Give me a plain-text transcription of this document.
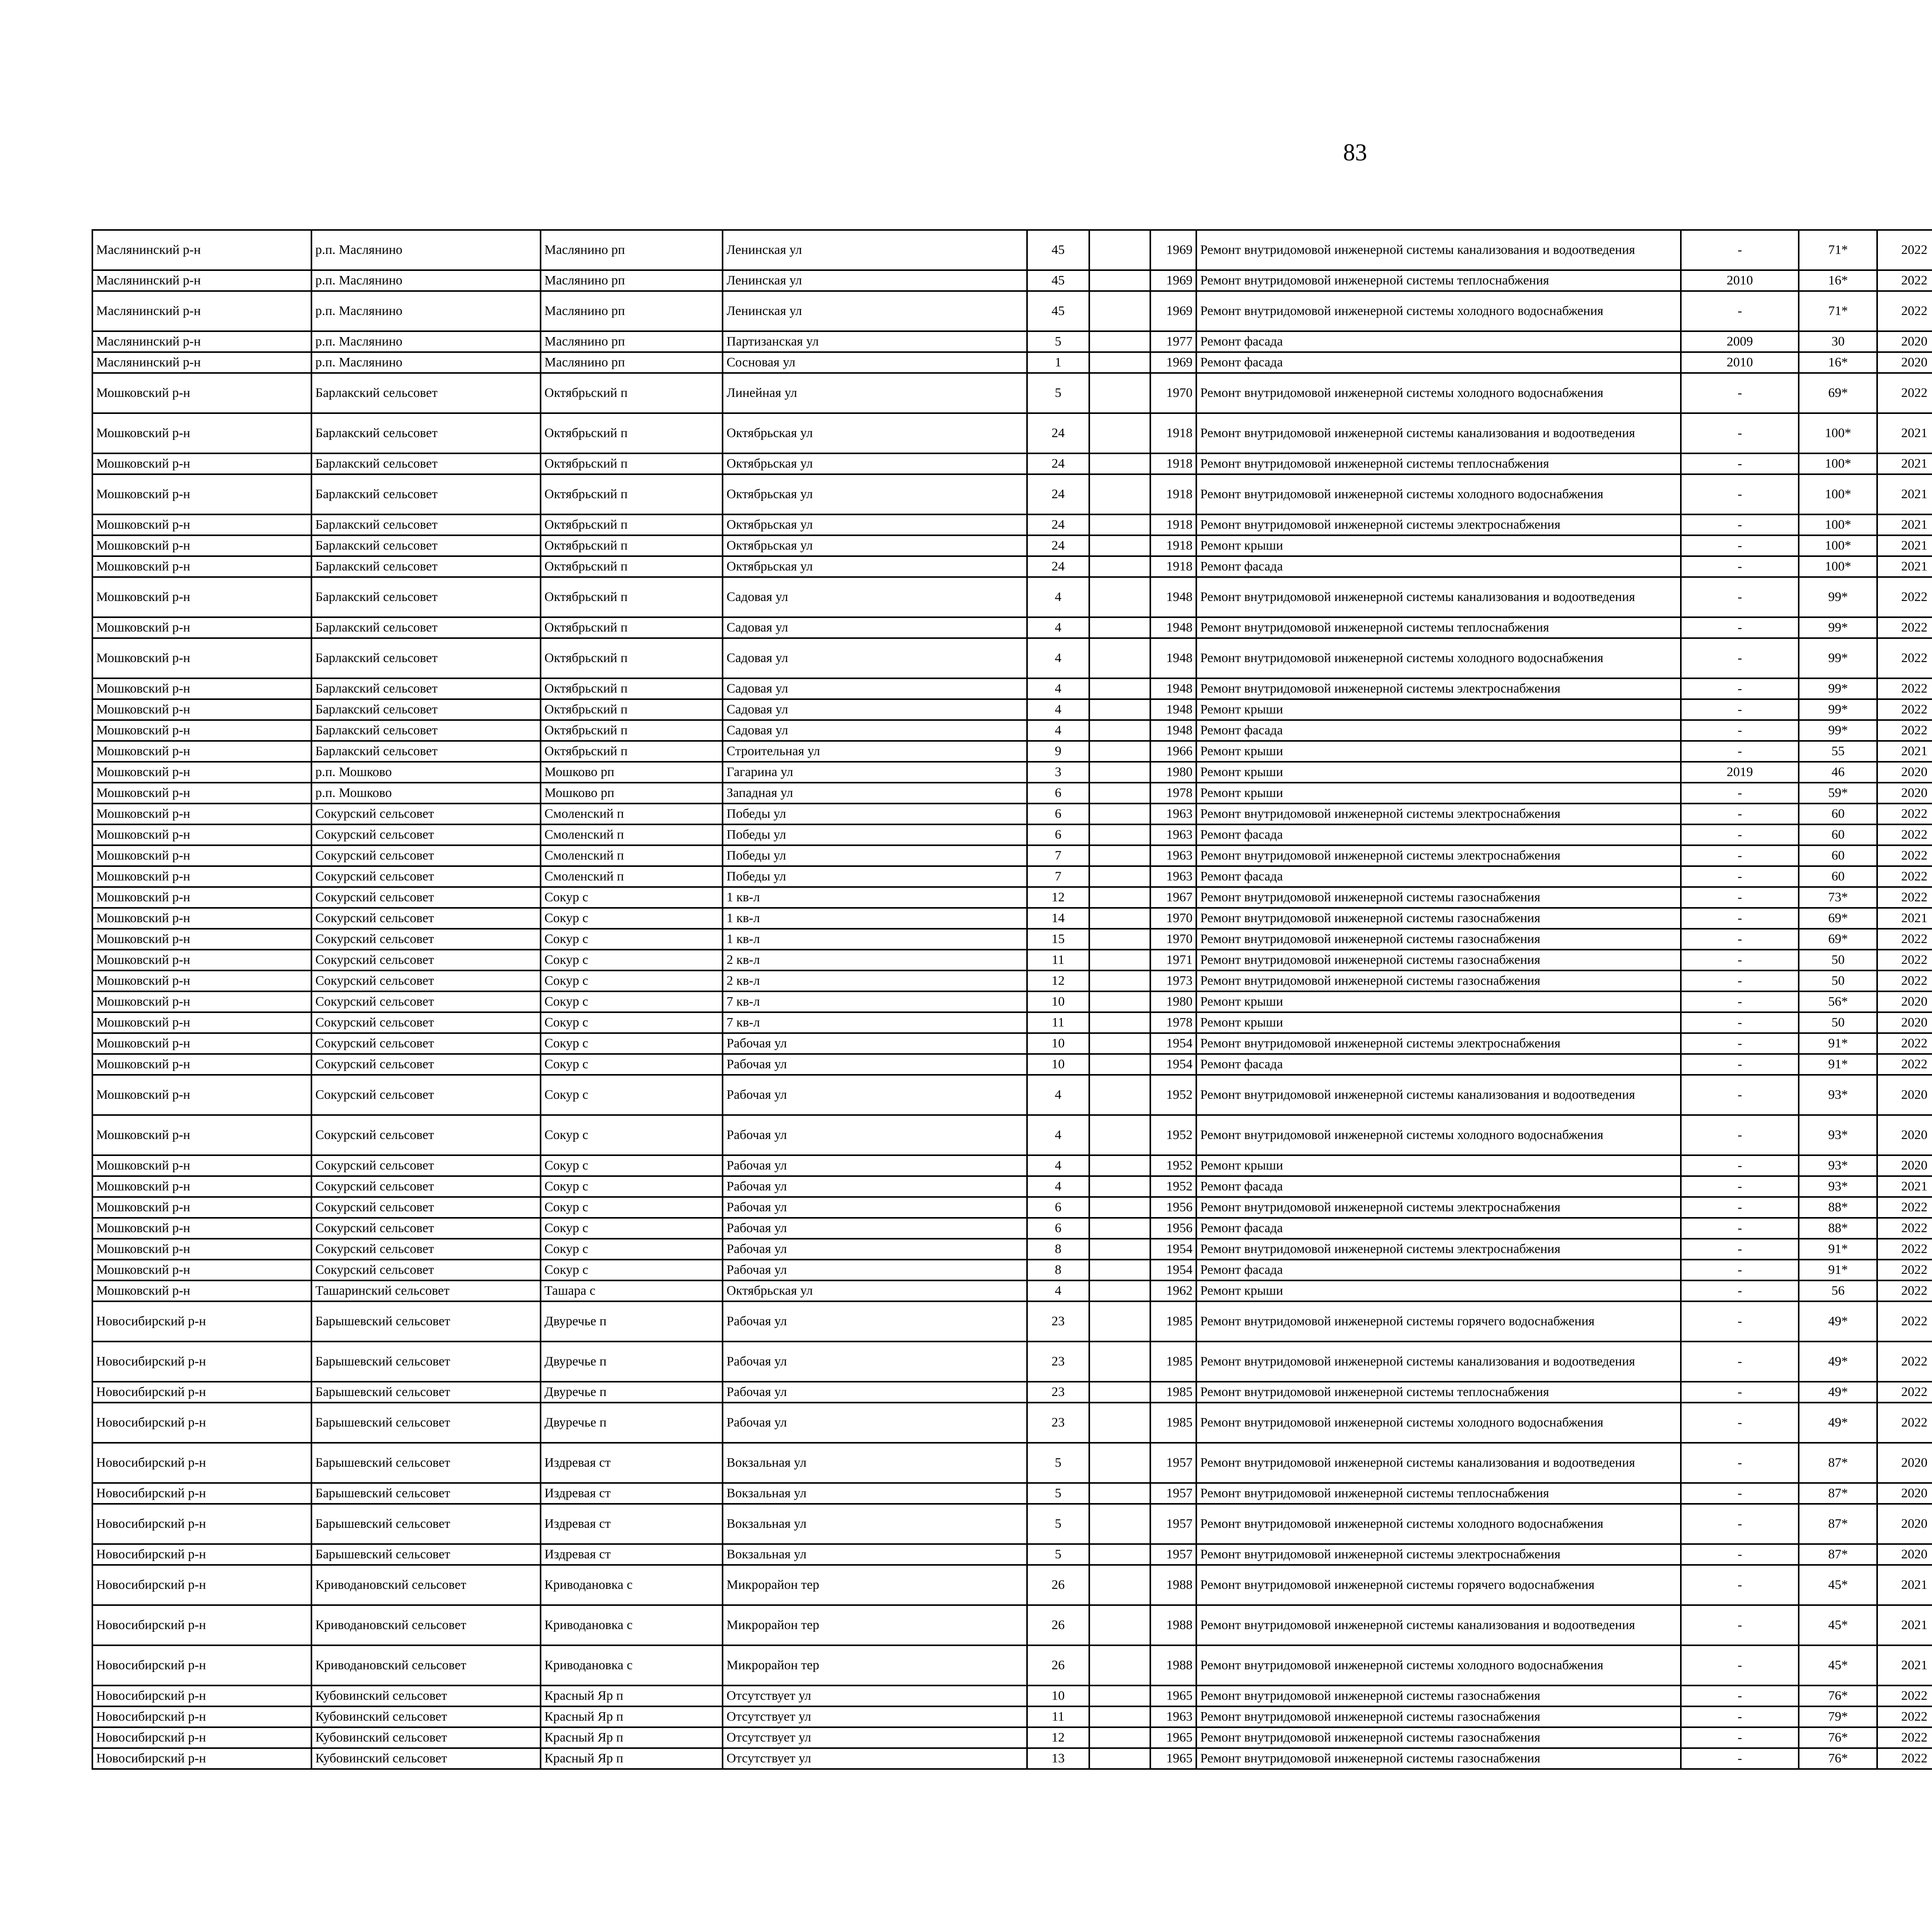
83
Маслянинский р-н	р.п. Маслянино	Маслянино рп	Ленинская ул	45		1969	Ремонт внутридомовой инженерной системы канализования и водоотведения	-	71*	2022							
Маслянинский р-н	р.п. Маслянино	Маслянино рп	Ленинская ул	45		1969	Ремонт внутридомовой инженерной системы теплоснабжения	2010	16*	2022							
Маслянинский р-н	р.п. Маслянино	Маслянино рп	Ленинская ул	45		1969	Ремонт внутридомовой инженерной системы холодного водоснабжения	-	71*	2022							
Маслянинский р-н	р.п. Маслянино	Маслянино рп	Партизанская ул	5		1977	Ремонт фасада	2009	30	2020							
Маслянинский р-н	р.п. Маслянино	Маслянино рп	Сосновая ул	1		1969	Ремонт фасада	2010	16*	2020							
Мошковский р-н	Барлакский сельсовет	Октябрьский п	Линейная ул	5		1970	Ремонт внутридомовой инженерной системы холодного водоснабжения	-	69*	2022							
Мошковский р-н	Барлакский сельсовет	Октябрьский п	Октябрьская ул	24		1918	Ремонт внутридомовой инженерной системы канализования и водоотведения	-	100*	2021							
Мошковский р-н	Барлакский сельсовет	Октябрьский п	Октябрьская ул	24		1918	Ремонт внутридомовой инженерной системы теплоснабжения	-	100*	2021							
Мошковский р-н	Барлакский сельсовет	Октябрьский п	Октябрьская ул	24		1918	Ремонт внутридомовой инженерной системы холодного водоснабжения	-	100*	2021							
Мошковский р-н	Барлакский сельсовет	Октябрьский п	Октябрьская ул	24		1918	Ремонт внутридомовой инженерной системы электроснабжения	-	100*	2021							
Мошковский р-н	Барлакский сельсовет	Октябрьский п	Октябрьская ул	24		1918	Ремонт крыши	-	100*	2021							
Мошковский р-н	Барлакский сельсовет	Октябрьский п	Октябрьская ул	24		1918	Ремонт фасада	-	100*	2021							
Мошковский р-н	Барлакский сельсовет	Октябрьский п	Садовая ул	4		1948	Ремонт внутридомовой инженерной системы канализования и водоотведения	-	99*	2022							
Мошковский р-н	Барлакский сельсовет	Октябрьский п	Садовая ул	4		1948	Ремонт внутридомовой инженерной системы теплоснабжения	-	99*	2022							
Мошковский р-н	Барлакский сельсовет	Октябрьский п	Садовая ул	4		1948	Ремонт внутридомовой инженерной системы холодного водоснабжения	-	99*	2022							
Мошковский р-н	Барлакский сельсовет	Октябрьский п	Садовая ул	4		1948	Ремонт внутридомовой инженерной системы электроснабжения	-	99*	2022							
Мошковский р-н	Барлакский сельсовет	Октябрьский п	Садовая ул	4		1948	Ремонт крыши	-	99*	2022							
Мошковский р-н	Барлакский сельсовет	Октябрьский п	Садовая ул	4		1948	Ремонт фасада	-	99*	2022							
Мошковский р-н	Барлакский сельсовет	Октябрьский п	Строительная ул	9		1966	Ремонт крыши	-	55	2021							
Мошковский р-н	р.п. Мошково	Мошково рп	Гагарина ул	3		1980	Ремонт крыши	2019	46	2020							
Мошковский р-н	р.п. Мошково	Мошково рп	Западная ул	6		1978	Ремонт крыши	-	59*	2020							
Мошковский р-н	Сокурский сельсовет	Смоленский п	Победы ул	6		1963	Ремонт внутридомовой инженерной системы электроснабжения	-	60	2022							
Мошковский р-н	Сокурский сельсовет	Смоленский п	Победы ул	6		1963	Ремонт фасада	-	60	2022							
Мошковский р-н	Сокурский сельсовет	Смоленский п	Победы ул	7		1963	Ремонт внутридомовой инженерной системы электроснабжения	-	60	2022							
Мошковский р-н	Сокурский сельсовет	Смоленский п	Победы ул	7		1963	Ремонт фасада	-	60	2022							
Мошковский р-н	Сокурский сельсовет	Сокур с	1 кв-л	12		1967	Ремонт внутридомовой инженерной системы газоснабжения	-	73*	2022							
Мошковский р-н	Сокурский сельсовет	Сокур с	1 кв-л	14		1970	Ремонт внутридомовой инженерной системы газоснабжения	-	69*	2021							
Мошковский р-н	Сокурский сельсовет	Сокур с	1 кв-л	15		1970	Ремонт внутридомовой инженерной системы газоснабжения	-	69*	2022							
Мошковский р-н	Сокурский сельсовет	Сокур с	2 кв-л	11		1971	Ремонт внутридомовой инженерной системы газоснабжения	-	50	2022							
Мошковский р-н	Сокурский сельсовет	Сокур с	2 кв-л	12		1973	Ремонт внутридомовой инженерной системы газоснабжения	-	50	2022							
Мошковский р-н	Сокурский сельсовет	Сокур с	7 кв-л	10		1980	Ремонт крыши	-	56*	2020							
Мошковский р-н	Сокурский сельсовет	Сокур с	7 кв-л	11		1978	Ремонт крыши	-	50	2020							
Мошковский р-н	Сокурский сельсовет	Сокур с	Рабочая ул	10		1954	Ремонт внутридомовой инженерной системы электроснабжения	-	91*	2022							
Мошковский р-н	Сокурский сельсовет	Сокур с	Рабочая ул	10		1954	Ремонт фасада	-	91*	2022							
Мошковский р-н	Сокурский сельсовет	Сокур с	Рабочая ул	4		1952	Ремонт внутридомовой инженерной системы канализования и водоотведения	-	93*	2020							
Мошковский р-н	Сокурский сельсовет	Сокур с	Рабочая ул	4		1952	Ремонт внутридомовой инженерной системы холодного водоснабжения	-	93*	2020							
Мошковский р-н	Сокурский сельсовет	Сокур с	Рабочая ул	4		1952	Ремонт крыши	-	93*	2020							
Мошковский р-н	Сокурский сельсовет	Сокур с	Рабочая ул	4		1952	Ремонт фасада	-	93*	2021							
Мошковский р-н	Сокурский сельсовет	Сокур с	Рабочая ул	6		1956	Ремонт внутридомовой инженерной системы электроснабжения	-	88*	2022							
Мошковский р-н	Сокурский сельсовет	Сокур с	Рабочая ул	6		1956	Ремонт фасада	-	88*	2022							
Мошковский р-н	Сокурский сельсовет	Сокур с	Рабочая ул	8		1954	Ремонт внутридомовой инженерной системы электроснабжения	-	91*	2022							
Мошковский р-н	Сокурский сельсовет	Сокур с	Рабочая ул	8		1954	Ремонт фасада	-	91*	2022							
Мошковский р-н	Ташаринский сельсовет	Ташара с	Октябрьская ул	4		1962	Ремонт крыши	-	56	2022							
Новосибирский р-н	Барышевский сельсовет	Двуречье п	Рабочая ул	23		1985	Ремонт внутридомовой инженерной системы горячего водоснабжения	-	49*	2022							
Новосибирский р-н	Барышевский сельсовет	Двуречье п	Рабочая ул	23		1985	Ремонт внутридомовой инженерной системы канализования и водоотведения	-	49*	2022							
Новосибирский р-н	Барышевский сельсовет	Двуречье п	Рабочая ул	23		1985	Ремонт внутридомовой инженерной системы теплоснабжения	-	49*	2022							
Новосибирский р-н	Барышевский сельсовет	Двуречье п	Рабочая ул	23		1985	Ремонт внутридомовой инженерной системы холодного водоснабжения	-	49*	2022							
Новосибирский р-н	Барышевский сельсовет	Издревая ст	Вокзальная ул	5		1957	Ремонт внутридомовой инженерной системы канализования и водоотведения	-	87*	2020							
Новосибирский р-н	Барышевский сельсовет	Издревая ст	Вокзальная ул	5		1957	Ремонт внутридомовой инженерной системы теплоснабжения	-	87*	2020							
Новосибирский р-н	Барышевский сельсовет	Издревая ст	Вокзальная ул	5		1957	Ремонт внутридомовой инженерной системы холодного водоснабжения	-	87*	2020							
Новосибирский р-н	Барышевский сельсовет	Издревая ст	Вокзальная ул	5		1957	Ремонт внутридомовой инженерной системы электроснабжения	-	87*	2020							
Новосибирский р-н	Криводановский сельсовет	Криводановка с	Микрорайон тер	26		1988	Ремонт внутридомовой инженерной системы горячего водоснабжения	-	45*	2021							
Новосибирский р-н	Криводановский сельсовет	Криводановка с	Микрорайон тер	26		1988	Ремонт внутридомовой инженерной системы канализования и водоотведения	-	45*	2021							
Новосибирский р-н	Криводановский сельсовет	Криводановка с	Микрорайон тер	26		1988	Ремонт внутридомовой инженерной системы холодного водоснабжения	-	45*	2021							
Новосибирский р-н	Кубовинский сельсовет	Красный Яр п	Отсутствует ул	10		1965	Ремонт внутридомовой инженерной системы газоснабжения	-	76*	2022							
Новосибирский р-н	Кубовинский сельсовет	Красный Яр п	Отсутствует ул	11		1963	Ремонт внутридомовой инженерной системы газоснабжения	-	79*	2022							
Новосибирский р-н	Кубовинский сельсовет	Красный Яр п	Отсутствует ул	12		1965	Ремонт внутридомовой инженерной системы газоснабжения	-	76*	2022							
Новосибирский р-н	Кубовинский сельсовет	Красный Яр п	Отсутствует ул	13		1965	Ремонт внутридомовой инженерной системы газоснабжения	-	76*	2022							
